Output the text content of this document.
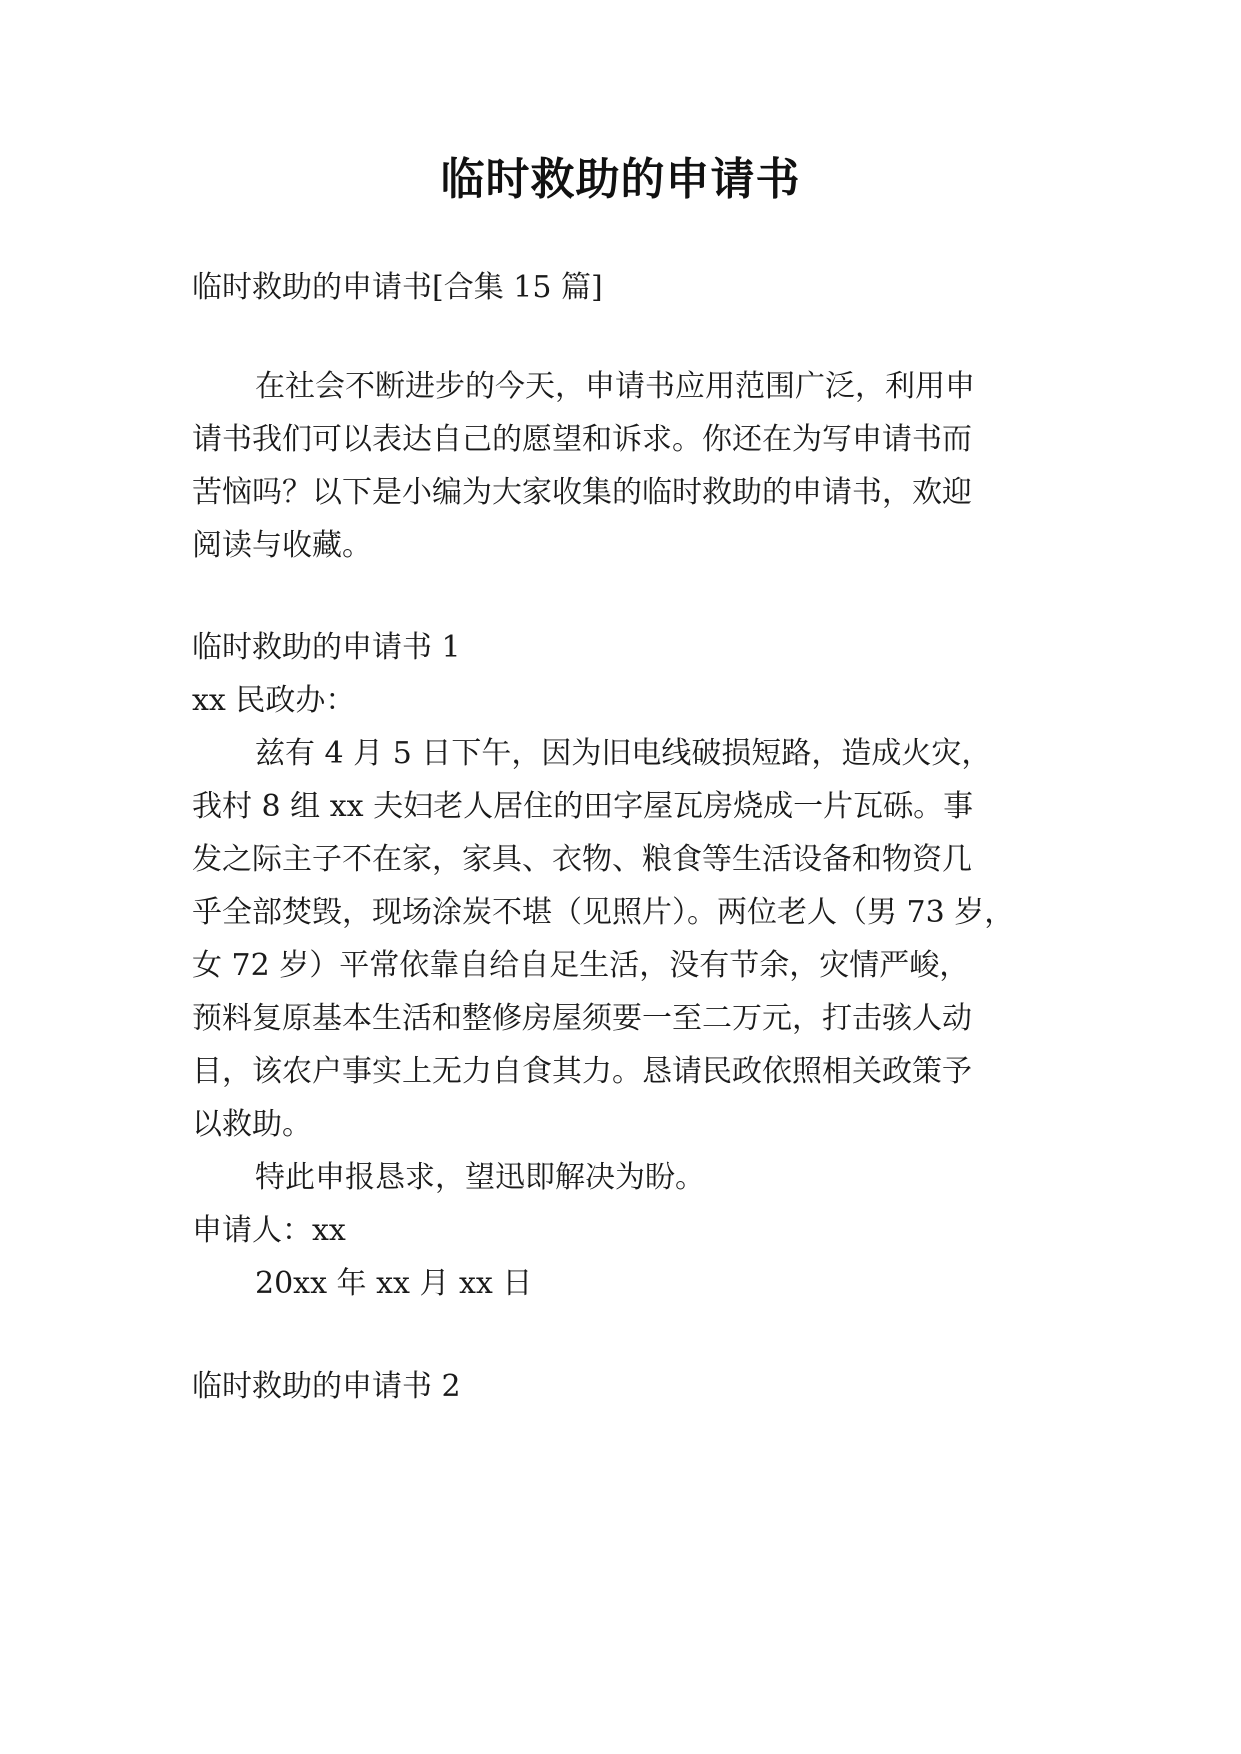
临时救助的申请书
临时救助的申请书[合集 15 篇]
在社会不断进步的今天，申请书应用范围广泛，利用申
请书我们可以表达自己的愿望和诉求。你还在为写申请书而
苦恼吗？以下是小编为大家收集的临时救助的申请书，欢迎
阅读与收藏。
临时救助的申请书 1
xx 民政办：
兹有 4 月 5 日下午，因为旧电线破损短路，造成火灾，
我村 8 组 xx 夫妇老人居住的田字屋瓦房烧成一片瓦砾。事
发之际主子不在家，家具、衣物、粮食等生活设备和物资几
乎全部焚毁，现场涂炭不堪（见照片）。两位老人（男 73 岁，
女 72 岁）平常依靠自给自足生活，没有节余，灾情严峻，
预料复原基本生活和整修房屋须要一至二万元，打击骇人动
目，该农户事实上无力自食其力。恳请民政依照相关政策予
以救助。
特此申报恳求，望迅即解决为盼。
申请人：xx
20xx 年 xx 月 xx 日
临时救助的申请书 2
